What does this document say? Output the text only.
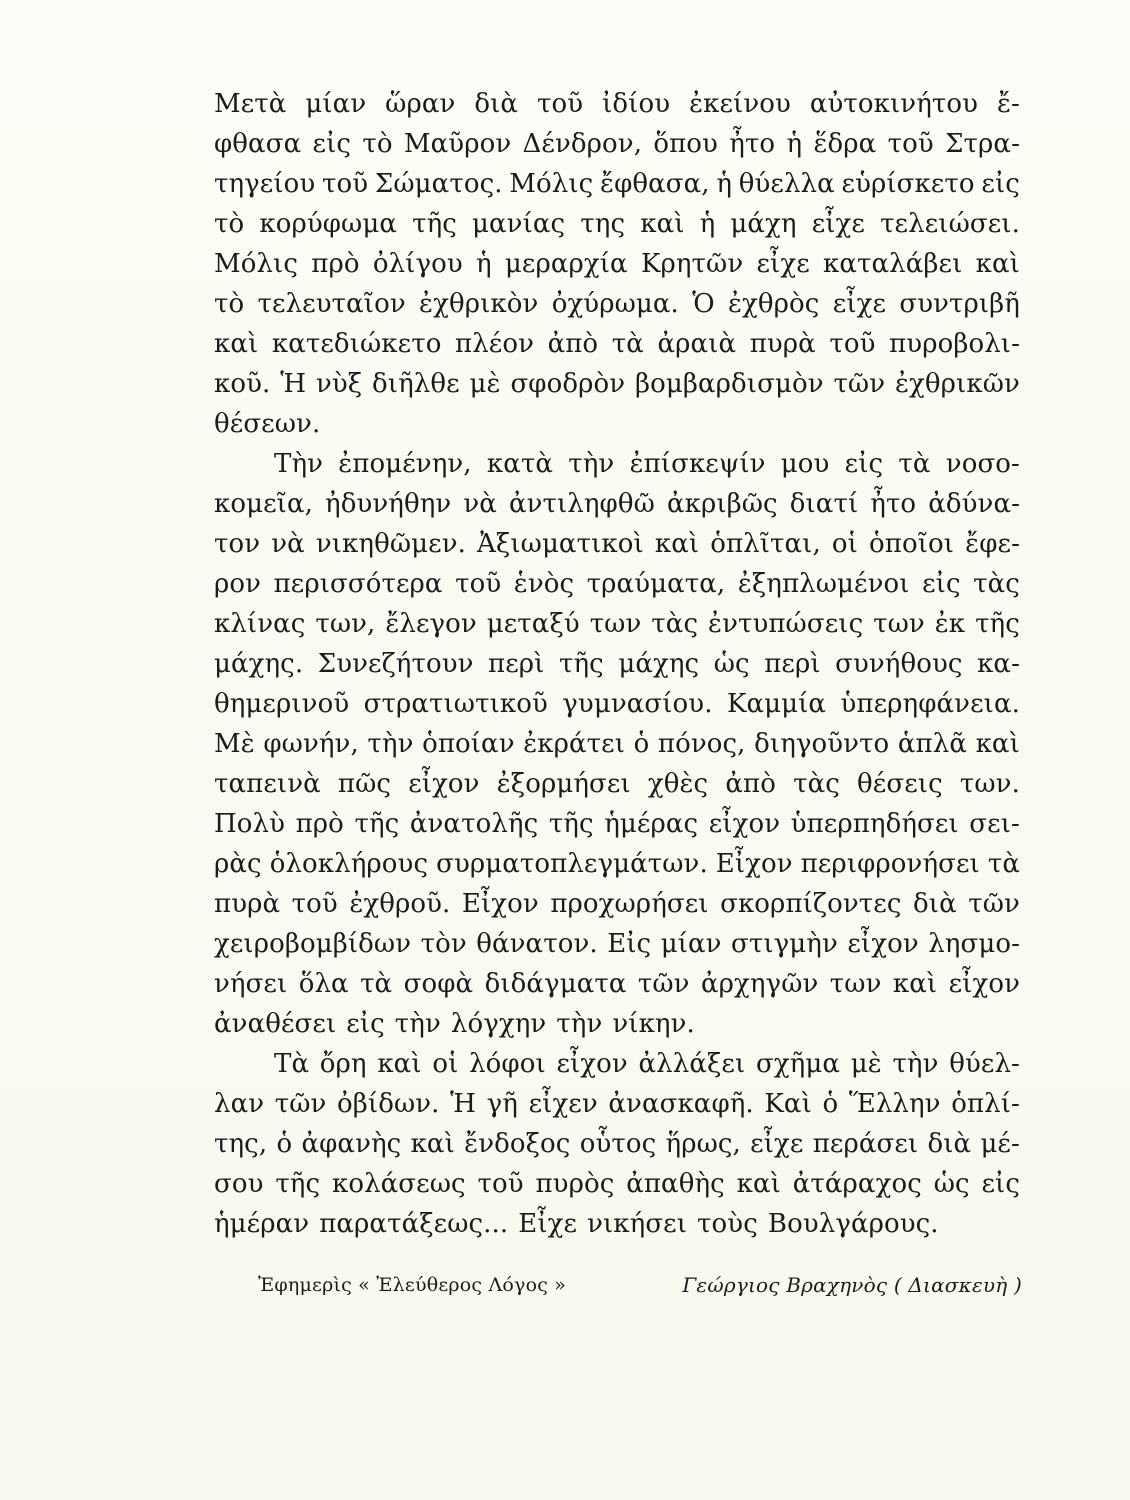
Μετὰ μίαν ὥραν διὰ τοῦ ἰδίου ἐκείνου αὐτοκινήτου ἔ-
φθασα εἰς τὸ Μαῦρον Δένδρον, ὅπου ἦτο ἡ ἕδρα τοῦ Στρα-
τηγείου τοῦ Σώματος. Μόλις ἔφθασα, ἡ θύελλα εὑρίσκετο εἰς
τὸ κορύφωμα τῆς μανίας της καὶ ἡ μάχη εἶχε τελειώσει.
Μόλις πρὸ ὀλίγου ἡ μεραρχία Κρητῶν εἶχε καταλάβει καὶ
τὸ τελευταῖον ἐχθρικὸν ὀχύρωμα. Ὁ ἐχθρὸς εἶχε συντριβῆ
καὶ κατεδιώκετο πλέον ἀπὸ τὰ ἀραιὰ πυρὰ τοῦ πυροβολι-
κοῦ. Ἡ νὺξ διῆλθε μὲ σφοδρὸν βομβαρδισμὸν τῶν ἐχθρικῶν
θέσεων.
Τὴν ἐπομένην, κατὰ τὴν ἐπίσκεψίν μου εἰς τὰ νοσο-
κομεῖα, ἠδυνήθην νὰ ἀντιληφθῶ ἀκριβῶς διατί ἦτο ἀδύνα-
τον νὰ νικηθῶμεν. Ἀξιωματικοὶ καὶ ὁπλῖται, οἱ ὁποῖοι ἔφε-
ρον περισσότερα τοῦ ἑνὸς τραύματα, ἐξηπλωμένοι εἰς τὰς
κλίνας των, ἔλεγον μεταξύ των τὰς ἐντυπώσεις των ἐκ τῆς
μάχης. Συνεζήτουν περὶ τῆς μάχης ὡς περὶ συνήθους κα-
θημερινοῦ στρατιωτικοῦ γυμνασίου. Καμμία ὑπερηφάνεια.
Μὲ φωνήν, τὴν ὁποίαν ἐκράτει ὁ πόνος, διηγοῦντο ἁπλᾶ καὶ
ταπεινὰ πῶς εἶχον ἐξορμήσει χθὲς ἀπὸ τὰς θέσεις των.
Πολὺ πρὸ τῆς ἀνατολῆς τῆς ἡμέρας εἶχον ὑπερπηδήσει σει-
ρὰς ὁλοκλήρους συρματοπλεγμάτων. Εἶχον περιφρονήσει τὰ
πυρὰ τοῦ ἐχθροῦ. Εἶχον προχωρήσει σκορπίζοντες διὰ τῶν
χειροβομβίδων τὸν θάνατον. Εἰς μίαν στιγμὴν εἶχον λησμο-
νήσει ὅλα τὰ σοφὰ διδάγματα τῶν ἀρχηγῶν των καὶ εἶχον
ἀναθέσει εἰς τὴν λόγχην τὴν νίκην.
Τὰ ὄρη καὶ οἱ λόφοι εἶχον ἀλλάξει σχῆμα μὲ τὴν θύελ-
λαν τῶν ὀβίδων. Ἡ γῆ εἶχεν ἀνασκαφῆ. Καὶ ὁ Ἕλλην ὁπλί-
της, ὁ ἀφανὴς καὶ ἔνδοξος οὗτος ἥρως, εἶχε περάσει διὰ μέ-
σου τῆς κολάσεως τοῦ πυρὸς ἀπαθὴς καὶ ἀτάραχος ὡς εἰς
ἡμέραν παρατάξεως... Εἶχε νικήσει τοὺς Βουλγάρους.
Ἐφημερὶς « Ἐλεύθερος Λόγος »	Γεώργιος Βραχηνὸς ( Διασκευὴ )
